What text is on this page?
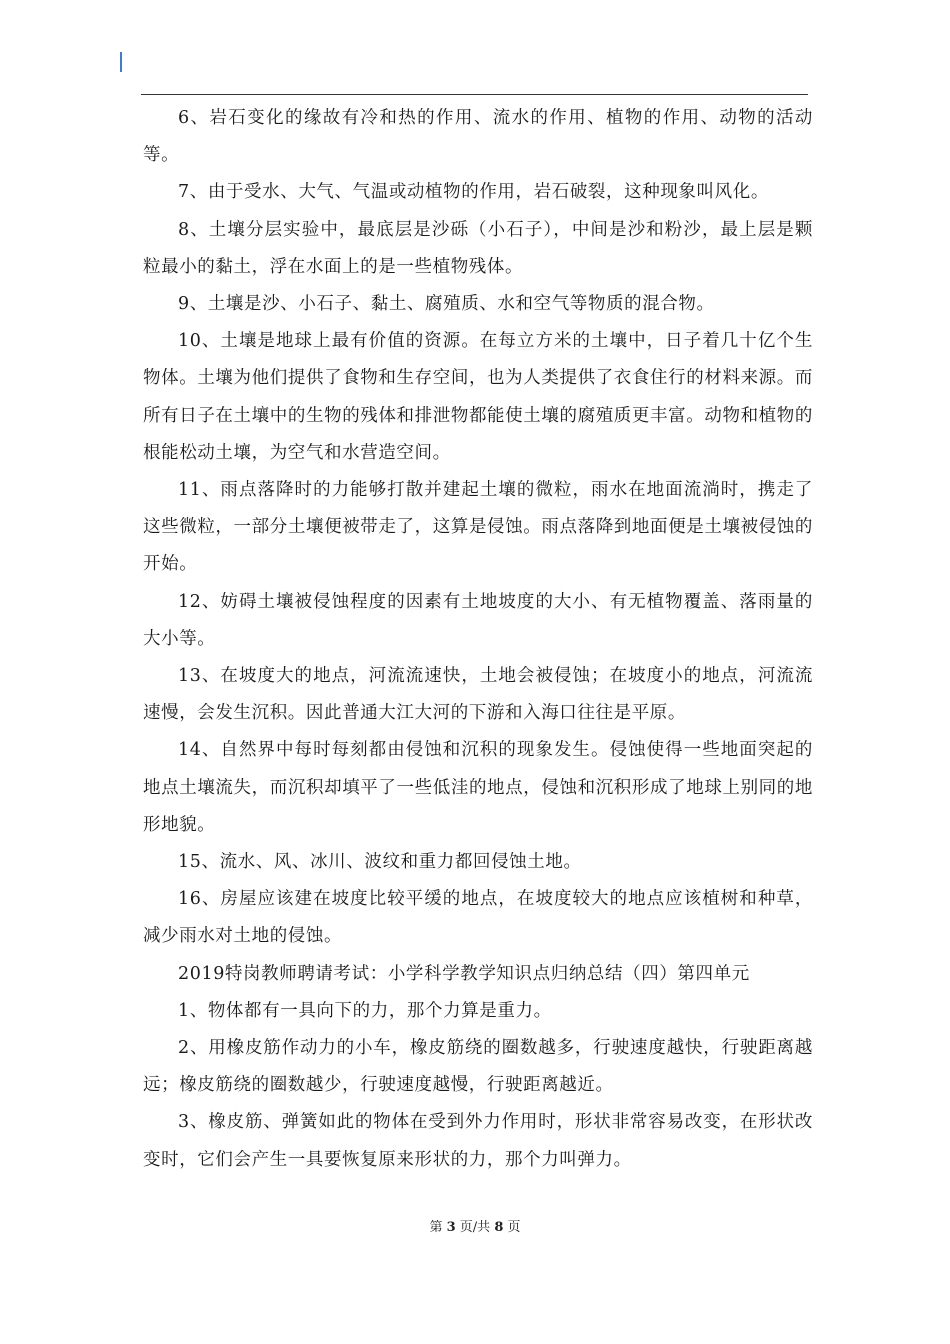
6、岩石变化的缘故有冷和热的作用、流水的作用、植物的作用、动物的活动等。

7、由于受水、大气、气温或动植物的作用，岩石破裂，这种现象叫风化。

8、土壤分层实验中，最底层是沙砾（小石子），中间是沙和粉沙，最上层是颗粒最小的黏土，浮在水面上的是一些植物残体。

9、土壤是沙、小石子、黏土、腐殖质、水和空气等物质的混合物。

10、土壤是地球上最有价值的资源。在每立方米的土壤中，日子着几十亿个生物体。土壤为他们提供了食物和生存空间，也为人类提供了衣食住行的材料来源。而所有日子在土壤中的生物的残体和排泄物都能使土壤的腐殖质更丰富。动物和植物的根能松动土壤，为空气和水营造空间。

11、雨点落降时的力能够打散并建起土壤的微粒，雨水在地面流淌时，携走了这些微粒，一部分土壤便被带走了，这算是侵蚀。雨点落降到地面便是土壤被侵蚀的开始。

12、妨碍土壤被侵蚀程度的因素有土地坡度的大小、有无植物覆盖、落雨量的大小等。

13、在坡度大的地点，河流流速快，土地会被侵蚀；在坡度小的地点，河流流速慢，会发生沉积。因此普通大江大河的下游和入海口往往是平原。

14、自然界中每时每刻都由侵蚀和沉积的现象发生。侵蚀使得一些地面突起的地点土壤流失，而沉积却填平了一些低洼的地点，侵蚀和沉积形成了地球上别同的地形地貌。

15、流水、风、冰川、波纹和重力都回侵蚀土地。

16、房屋应该建在坡度比较平缓的地点，在坡度较大的地点应该植树和种草，减少雨水对土地的侵蚀。

2019特岗教师聘请考试：小学科学教学知识点归纳总结（四）第四单元

1、物体都有一具向下的力，那个力算是重力。

2、用橡皮筋作动力的小车，橡皮筋绕的圈数越多，行驶速度越快，行驶距离越远；橡皮筋绕的圈数越少，行驶速度越慢，行驶距离越近。

3、橡皮筋、弹簧如此的物体在受到外力作用时，形状非常容易改变，在形状改变时，它们会产生一具要恢复原来形状的力，那个力叫弹力。

第 3 页/共 8 页
